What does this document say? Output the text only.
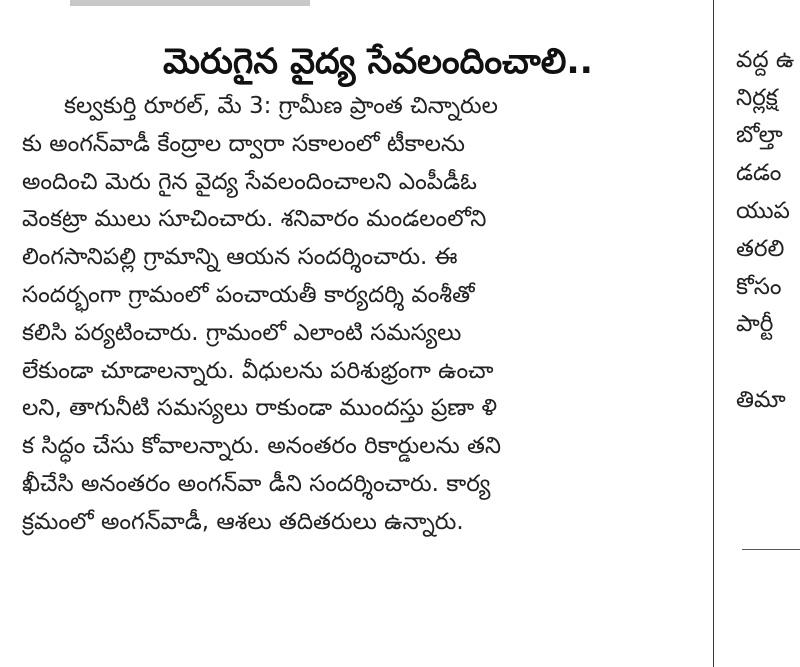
మెరుగైన వైద్య సేవలందించాలి..
కల్వకుర్తి రూరల్, మే 3: గ్రామీణ ప్రాంత చిన్నారుల
కు అంగన్‌వాడీ కేంద్రాల ద్వారా సకాలంలో టీకాలను
అందించి మెరు గైన వైద్య సేవలందించాలని ఎంపీడీఓ
వెంకట్రా ములు సూచించారు. శనివారం మండలంలోని
లింగసానిపల్లి గ్రామాన్ని ఆయన సందర్శించారు. ఈ
సందర్భంగా గ్రామంలో పంచాయతీ కార్యదర్శి వంశీతో
కలిసి పర్యటించారు. గ్రామంలో ఎలాంటి సమస్యలు
లేకుండా చూడాలన్నారు. వీధులను పరిశుభ్రంగా ఉంచా
లని, తాగునీటి సమస్యలు రాకుండా ముందస్తు ప్రణా ళి
క సిద్ధం చేసు కోవాలన్నారు. అనంతరం రికార్డులను తని
ఖీచేసి అనంతరం అంగన్‌వా డీని సందర్శించారు. కార్య
క్రమంలో అంగన్‌వాడీ, ఆశలు తదితరులు ఉన్నారు.
వద్ద ఉ
నిర్లక్ష
బోల్తా
డడం
యుప
తరలి
కోసం
పార్టీ
తిమా
